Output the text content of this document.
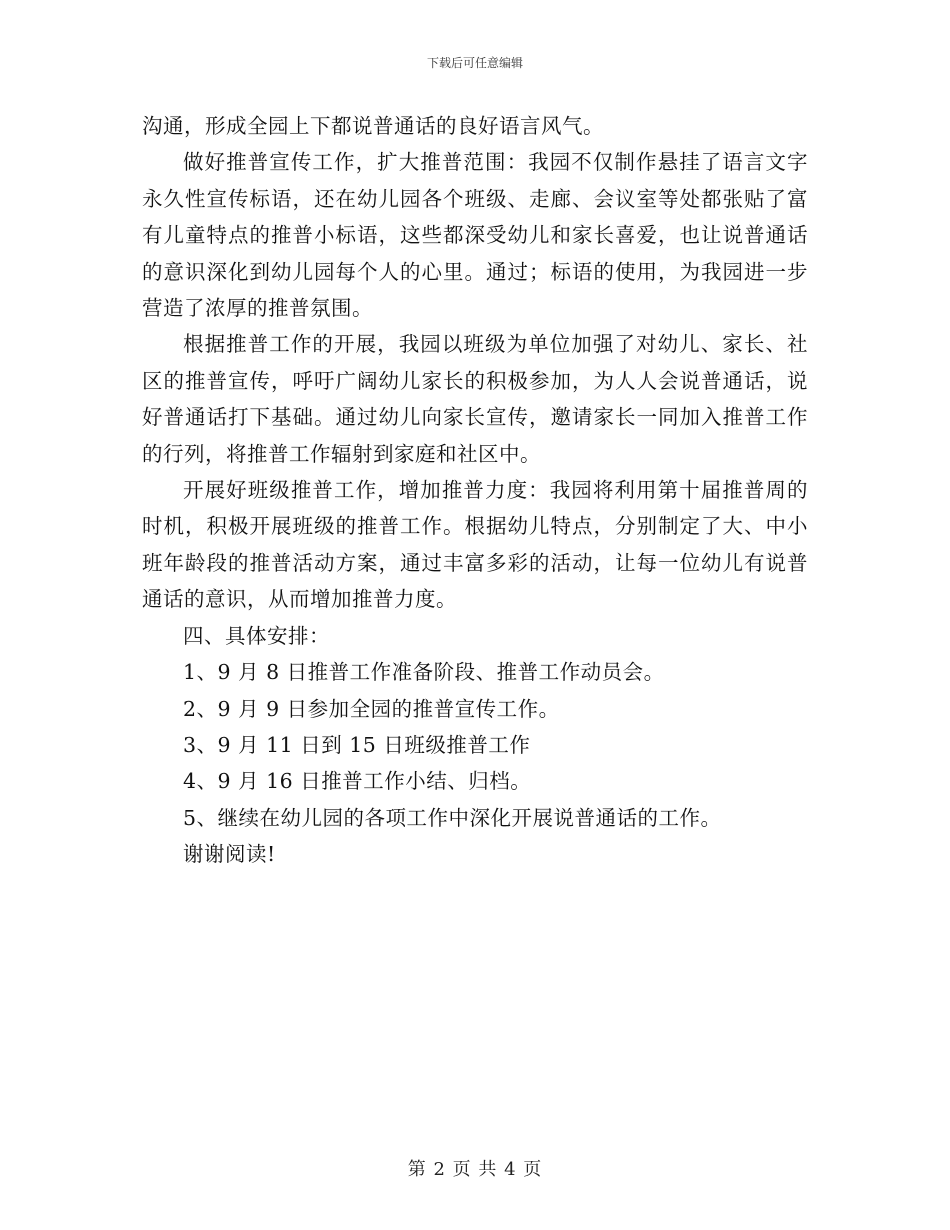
下载后可任意编辑

沟通，形成全园上下都说普通话的良好语言风气。

做好推普宣传工作，扩大推普范围：我园不仅制作悬挂了语言文字永久性宣传标语，还在幼儿园各个班级、走廊、会议室等处都张贴了富有儿童特点的推普小标语，这些都深受幼儿和家长喜爱，也让说普通话的意识深化到幼儿园每个人的心里。通过；标语的使用，为我园进一步营造了浓厚的推普氛围。

根据推普工作的开展，我园以班级为单位加强了对幼儿、家长、社区的推普宣传，呼吁广阔幼儿家长的积极参加，为人人会说普通话，说好普通话打下基础。通过幼儿向家长宣传，邀请家长一同加入推普工作的行列，将推普工作辐射到家庭和社区中。

开展好班级推普工作，增加推普力度：我园将利用第十届推普周的时机，积极开展班级的推普工作。根据幼儿特点，分别制定了大、中小班年龄段的推普活动方案，通过丰富多彩的活动，让每一位幼儿有说普通话的意识，从而增加推普力度。

四、具体安排：

1、9 月 8 日推普工作准备阶段、推普工作动员会。

2、9 月 9 日参加全园的推普宣传工作。

3、9 月 11 日到 15 日班级推普工作

4、9 月 16 日推普工作小结、归档。

5、继续在幼儿园的各项工作中深化开展说普通话的工作。

谢谢阅读!

第 2 页 共 4 页
